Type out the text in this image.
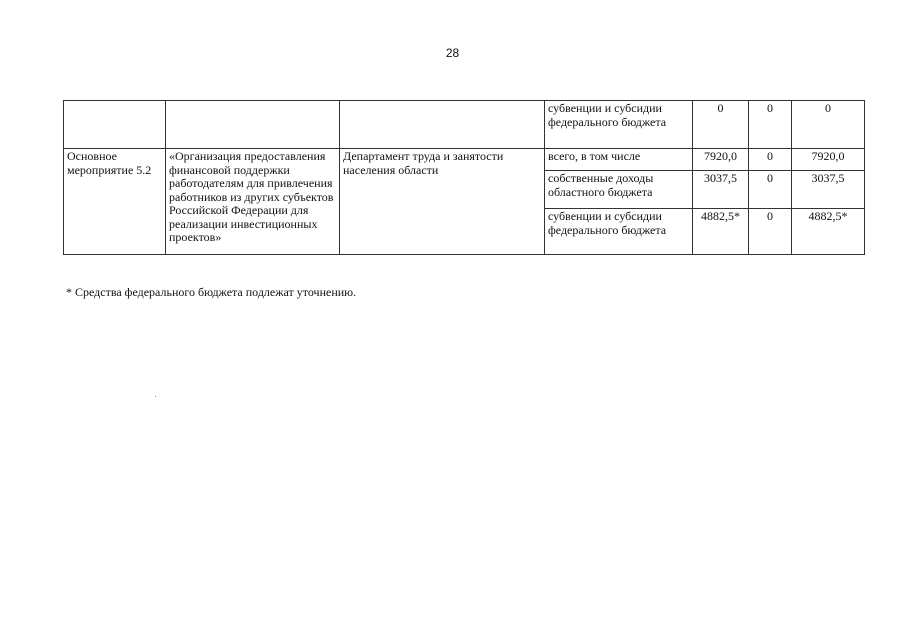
28
			субвенции и субсидии федерального бюджета	0	0	0
Основное мероприятие 5.2	«Организация предоставления финансовой поддержки работодателям для привлечения работников из других субъектов Российской Федерации для реализации инвестиционных проектов»	Департамент труда и занятости населения области	всего, в том числе	7920,0	0	7920,0
			собственные доходы областного бюджета	3037,5	0	3037,5
			субвенции и субсидии федерального бюджета	4882,5*	0	4882,5*
* Средства федерального бюджета подлежат уточнению.
